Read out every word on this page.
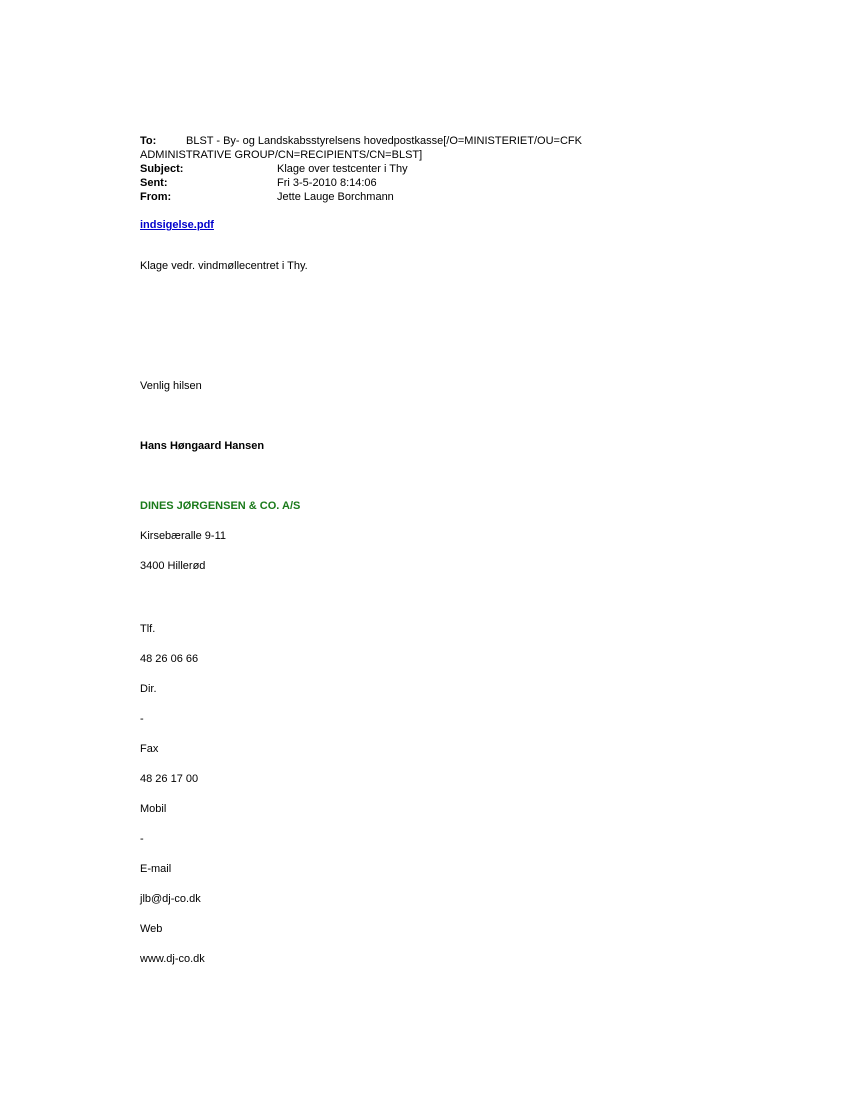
To:	BLST - By- og Landskabsstyrelsens hovedpostkasse[/O=MINISTERIET/OU=CFK
ADMINISTRATIVE GROUP/CN=RECIPIENTS/CN=BLST]
Subject:	Klage over testcenter i Thy
Sent:	Fri 3-5-2010 8:14:06
From:	Jette Lauge Borchmann
indsigelse.pdf
Klage vedr. vindmøllecentret i Thy.
Venlig hilsen
Hans Høngaard Hansen
DINES JØRGENSEN & CO. A/S
Kirsebæralle 9-11
3400 Hillerød
Tlf.
48 26 06 66
Dir.
-
Fax
48 26 17 00
Mobil
-
E-mail
jlb@dj-co.dk
Web
www.dj-co.dk
